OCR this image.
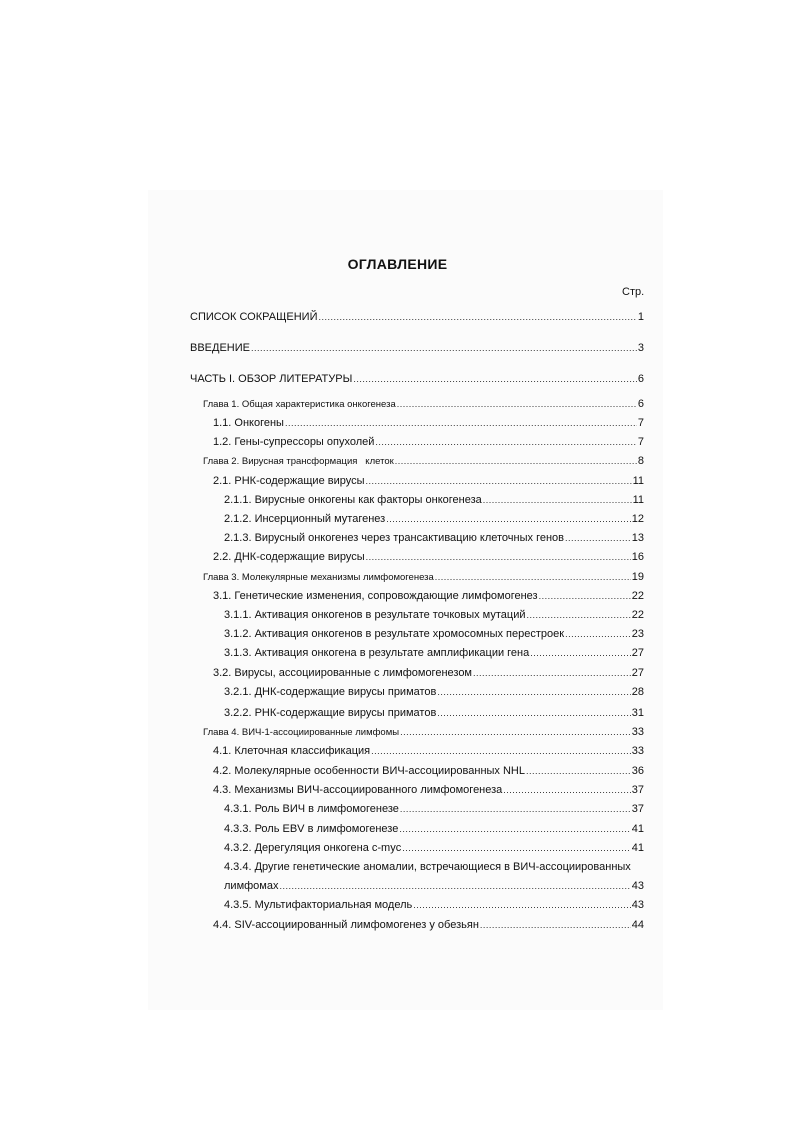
ОГЛАВЛЕНИЕ
Стр.
СПИСОК СОКРАЩЕНИЙ .....	1
ВВЕДЕНИЕ .....	3
ЧАСТЬ I. ОБЗОР ЛИТЕРАТУРЫ .....	6
Глава 1. Общая характеристика онкогенеза .....	6
1.1. Онкогены .....	7
1.2. Гены-супрессоры опухолей .....	7
Глава 2. Вирусная трансформация   клеток .....	8
2.1. РНК-содержащие вирусы .....	11
2.1.1. Вирусные онкогены как факторы онкогенеза .....	11
2.1.2. Инсерционный мутагенез .....	12
2.1.3. Вирусный онкогенез через трансактивацию клеточных генов .....	13
2.2. ДНК-содержащие вирусы .....	16
Глава 3. Молекулярные механизмы лимфомогенеза .....	19
3.1. Генетические изменения, сопровождающие лимфомогенез .....	22
3.1.1. Активация онкогенов в результате точковых мутаций .....	22
3.1.2. Активация онкогенов в результате хромосомных перестроек .....	23
3.1.3. Активация онкогена в результате амплификации гена .....	27
3.2. Вирусы, ассоциированные с лимфомогенезом .....	27
3.2.1. ДНК-содержащие вирусы приматов .....	28
3.2.2. РНК-содержащие вирусы приматов .....	31
Глава 4. ВИЧ-1-ассоциированные лимфомы .....	33
4.1. Клеточная классификация .....	33
4.2. Молекулярные особенности ВИЧ-ассоциированных NHL .....	36
4.3. Механизмы ВИЧ-ассоциированного лимфомогенеза .....	37
4.3.1. Роль ВИЧ в лимфомогенезе .....	37
4.3.3. Роль EBV в лимфомогенезе .....	41
4.3.2. Дерегуляция онкогена с-myc .....	41
4.3.4. Другие генетические аномалии, встречающиеся в ВИЧ-ассоциированных
лимфомах .....	43
4.3.5. Мультифакториальная модель .....	43
4.4. SIV-ассоциированный лимфомогенез у обезьян .....	44
